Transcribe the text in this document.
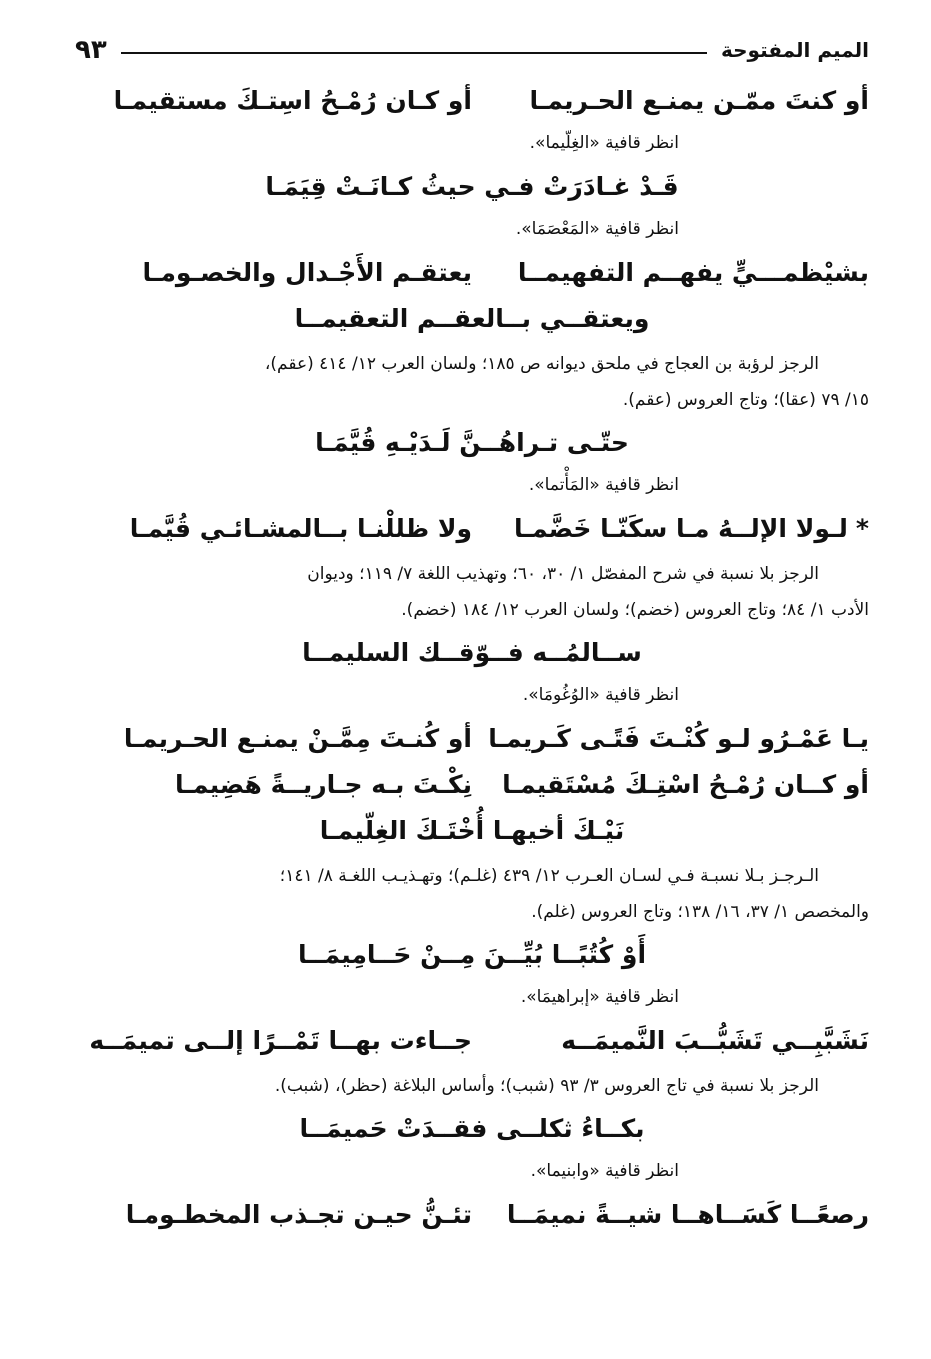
الميم المفتوحة
٩٣
أو كنتَ ممّـن يمنـع الحـريمـا
أو كـان رُمْـحُ اسِتـكَ مستقيمـا
انظر قافية «الغِلّيما».
قَـدْ غـادَرَتْ فـي حيثُ كـانَـتْ قِيَمَـا
انظر قافية «المَعْصَمَا».
بشيْظمـــيٍّ يفهــم التفهيمــا
يعتقـم الأَجْـدال والخصـومـا
ويعتقــي بــالعقــم التعقيمــا
الرجز لرؤبة بن العجاج في ملحق ديوانه ص ١٨٥؛ ولسان العرب ١٢/ ٤١٤ (عقم)،
١٥/ ٧٩ (عقا)؛ وتاج العروس (عقم).
حتّـى تـراهُــنَّ لَـدَيْـهِ قُيَّمَـا
انظر قافية «المَأْتما».
*لـولا الإلــهُ مـا سكَنّـا خَضَّمـا
ولا ظللْنـا بــالمشـائـي قُيَّمـا
الرجز بلا نسبة في شرح المفصّل ١/ ٣٠، ٦٠؛ وتهذيب اللغة ٧/ ١١٩؛ وديوان
الأدب ١/ ٨٤؛ وتاج العروس (خضم)؛ ولسان العرب ١٢/ ١٨٤ (خضم).
ســالمُــه فــوّقــك السليمــا
انظر قافية «الوُغُومَا».
يـا عَمْـرُو لـو كُنْـتَ فَتًـى كَـريمـا
أو كُنـتَ مِمَّـنْ يمنـع الحـريمـا
أو كــان رُمْـحُ اسْتِـكَ مُسْتَقيمـا
نِكْـتَ بـه جـاريــةً هَضِيمـا
نَيْـكَ أخيهـا أُخْتَـكَ الغِلّيمـا
الـرجـز بـلا نسبـة فـي لسـان العـرب ١٢/ ٤٣٩ (غلـم)؛ وتهـذيـب اللغـة ٨/ ١٤١؛
والمخصص ١/ ٣٧، ١٦/ ١٣٨؛ وتاج العروس (غلم).
أَوْ كُتُبًــا بُيِّــنَ مِــنْ حَــامِيمَــا
انظر قافية «إبراهيمَا».
نَشَبَّبِــي تَشَبُّــبَ النَّميمَــه
جــاءت بهــا تَمْــرًا إلــى تميمَــه
الرجز بلا نسبة في تاج العروس ٣/ ٩٣ (شبب)؛ وأساس البلاغة (حظر)، (شبب).
بكــاءُ ثكلــى فقــدَتْ حَميمَــا
انظر قافية «وابنيما».
رصعًــا كَسَــاهــا شيــةً نميمَــا
تئـنُّ حيـن تجـذب المخطـومـا
